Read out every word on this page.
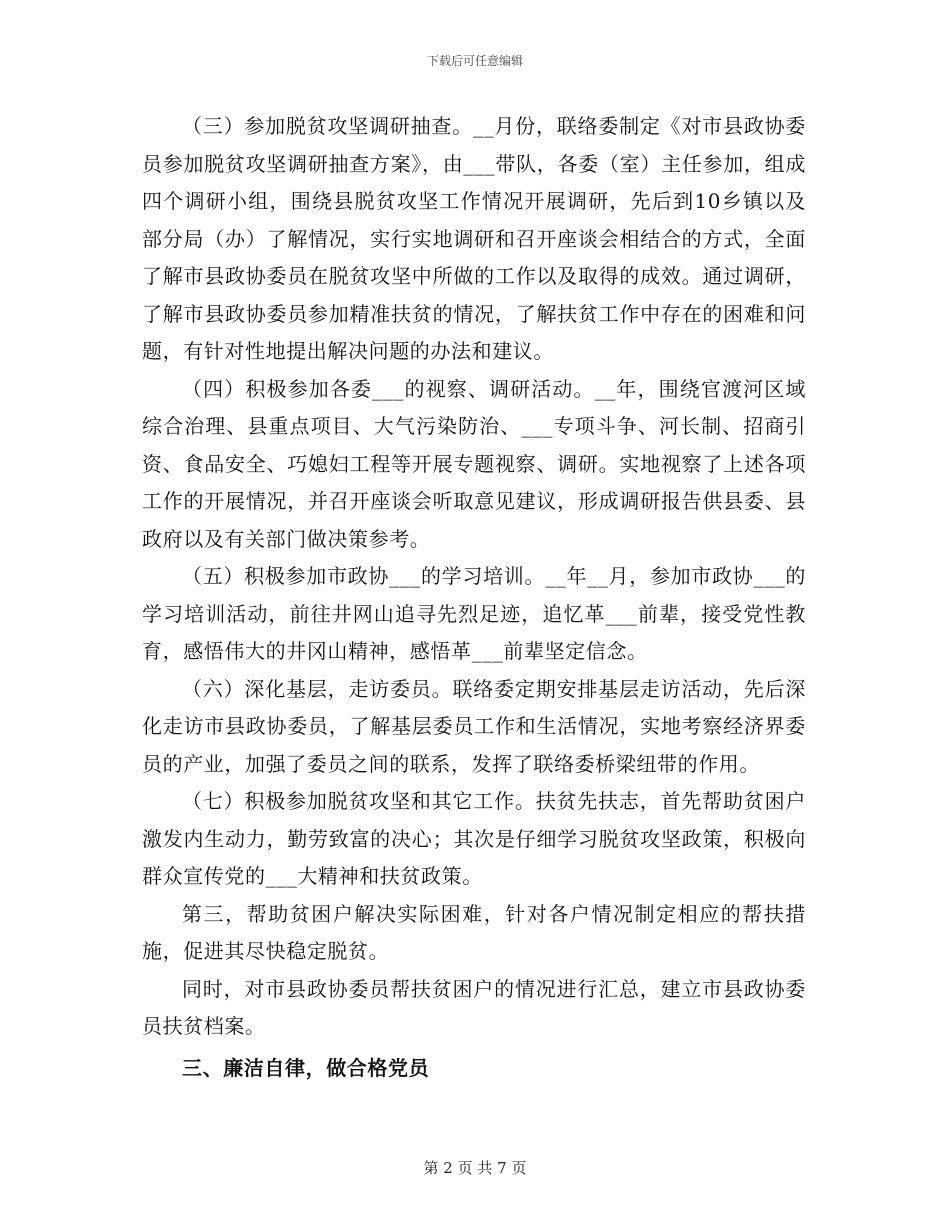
下载后可任意编辑

（三）参加脱贫攻坚调研抽查。__月份，联络委制定《对市县政协委员参加脱贫攻坚调研抽查方案》，由___带队，各委（室）主任参加，组成四个调研小组，围绕县脱贫攻坚工作情况开展调研，先后到10乡镇以及部分局（办）了解情况，实行实地调研和召开座谈会相结合的方式，全面了解市县政协委员在脱贫攻坚中所做的工作以及取得的成效。通过调研，了解市县政协委员参加精准扶贫的情况，了解扶贫工作中存在的困难和问题，有针对性地提出解决问题的办法和建议。

（四）积极参加各委___的视察、调研活动。__年，围绕官渡河区域综合治理、县重点项目、大气污染防治、___专项斗争、河长制、招商引资、食品安全、巧媳妇工程等开展专题视察、调研。实地视察了上述各项工作的开展情况，并召开座谈会听取意见建议，形成调研报告供县委、县政府以及有关部门做决策参考。

（五）积极参加市政协___的学习培训。__年__月，参加市政协___的学习培训活动，前往井网山追寻先烈足迹，追忆革___前辈，接受党性教育，感悟伟大的井冈山精神，感悟革___前辈坚定信念。

（六）深化基层，走访委员。联络委定期安排基层走访活动，先后深化走访市县政协委员，了解基层委员工作和生活情况，实地考察经济界委员的产业，加强了委员之间的联系，发挥了联络委桥梁纽带的作用。

（七）积极参加脱贫攻坚和其它工作。扶贫先扶志，首先帮助贫困户激发内生动力，勤劳致富的决心；其次是仔细学习脱贫攻坚政策，积极向群众宣传党的___大精神和扶贫政策。

第三，帮助贫困户解决实际困难，针对各户情况制定相应的帮扶措施，促进其尽快稳定脱贫。

同时，对市县政协委员帮扶贫困户的情况进行汇总，建立市县政协委员扶贫档案。

三、廉洁自律，做合格党员

第 2 页 共 7 页
